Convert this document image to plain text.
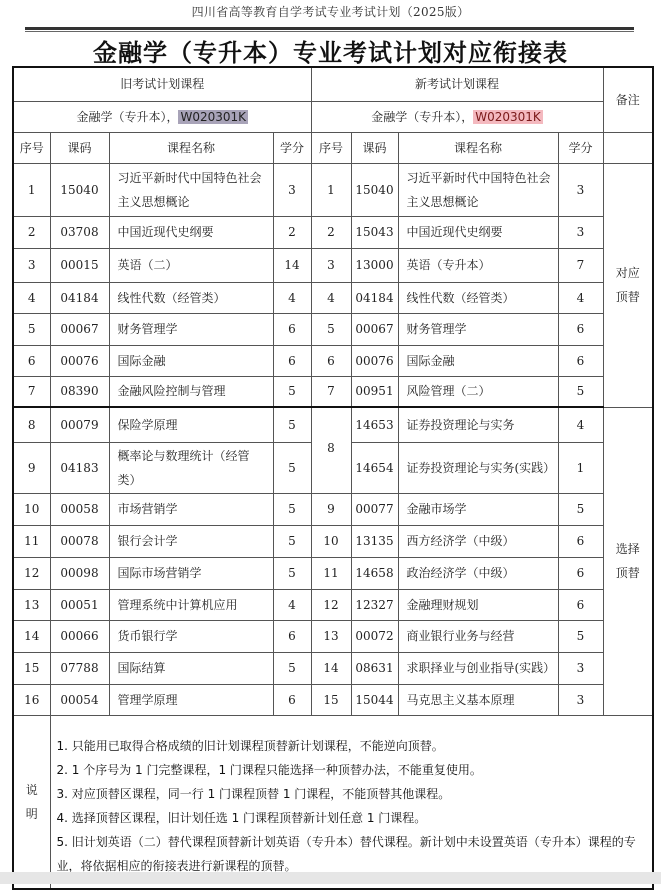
四川省高等教育自学考试专业考试计划（2025版）
金融学（专升本）专业考试计划对应衔接表
旧考试计划课程				新考试计划课程				备注
金融学（专升本）， W020301K				金融学（专升本）， W020301K				
序号	课码	课程名称	学分	序号	课码	课程名称	学分	
1	15040	习近平新时代中国特色社会主义思想概论	3	1	15040	习近平新时代中国特色社会主义思想概论	3	对应顶替
2	03708	中国近现代史纲要	2	2	15043	中国近现代史纲要	3	
3	00015	英语（二）	14	3	13000	英语（专升本）	7	
4	04184	线性代数（经管类）	4	4	04184	线性代数（经管类）	4	
5	00067	财务管理学	6	5	00067	财务管理学	6	
6	00076	国际金融	6	6	00076	国际金融	6	
7	08390	金融风险控制与管理	5	7	00951	风险管理（二）	5	
8	00079	保险学原理	5	8	14653	证券投资理论与实务	4	选择顶替
9	04183	概率论与数理统计（经管类）	5		14654	证券投资理论与实务(实践）	1	
10	00058	市场营销学	5	9	00077	金融市场学	5	
11	00078	银行会计学	5	10	13135	西方经济学（中级）	6	
12	00098	国际市场营销学	5	11	14658	政治经济学（中级）	6	
13	00051	管理系统中计算机应用	4	12	12327	金融理财规划	6	
14	00066	货币银行学	6	13	00072	商业银行业务与经营	5	
15	07788	国际结算	5	14	08631	求职择业与创业指导(实践）	3	
16	00054	管理学原理	6	15	15044	马克思主义基本原理	3	

说
明

1. 只能用已取得合格成绩的旧计划课程顶替新计划课程，不能逆向顶替。
2. 1 个序号为 1 门完整课程，1 门课程只能选择一种顶替办法，不能重复使用。
3. 对应顶替区课程，同一行 1 门课程顶替 1 门课程，不能顶替其他课程。
4. 选择顶替区课程，旧计划任选 1 门课程顶替新计划任意 1 门课程。
5. 旧计划英语（二）替代课程顶替新计划英语（专升本）替代课程。新计划中未设置英语（专升本）课程的专业，将依据相应的衔接表进行新课程的顶替。
